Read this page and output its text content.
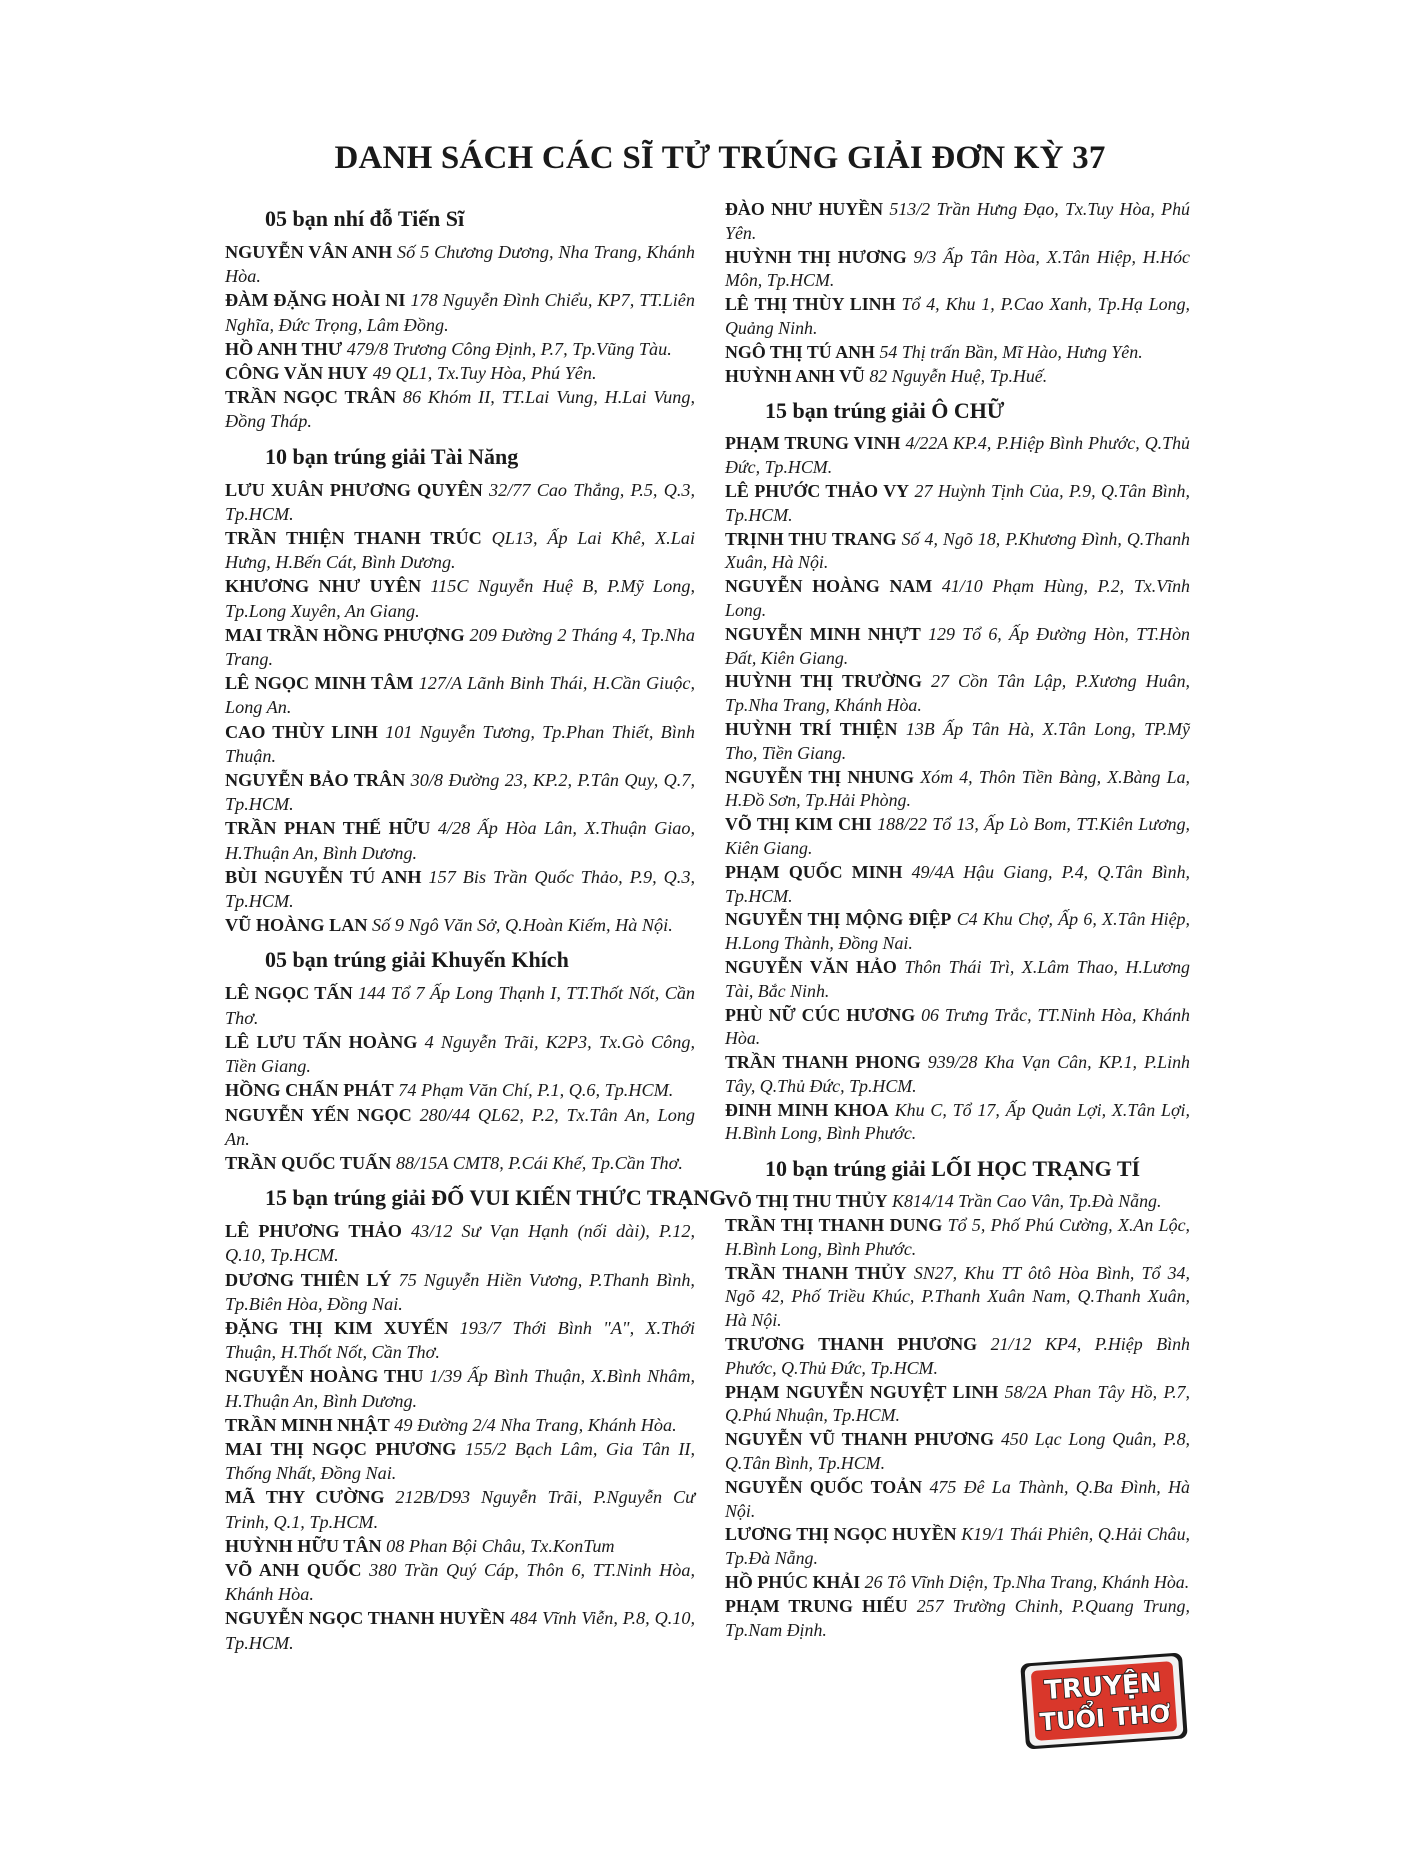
DANH SÁCH CÁC SĨ TỬ TRÚNG GIẢI ĐƠN KỲ 37
05 bạn nhí đỗ Tiến Sĩ
NGUYỄN VÂN ANH Số 5 Chương Dương, Nha Trang, Khánh Hòa.
ĐÀM ĐẶNG HOÀI NI 178 Nguyễn Đình Chiểu, KP7, TT.Liên Nghĩa, Đức Trọng, Lâm Đồng.
HỒ ANH THƯ 479/8 Trương Công Định, P.7, Tp.Vũng Tàu.
CÔNG VĂN HUY 49 QL1, Tx.Tuy Hòa, Phú Yên.
TRẦN NGỌC TRÂN 86 Khóm II, TT.Lai Vung, H.Lai Vung, Đồng Tháp.
10 bạn trúng giải Tài Năng
LƯU XUÂN PHƯƠNG QUYÊN 32/77 Cao Thắng, P.5, Q.3, Tp.HCM.
TRẦN THIỆN THANH TRÚC QL13, Ấp Lai Khê, X.Lai Hưng, H.Bến Cát, Bình Dương.
KHƯƠNG NHƯ UYÊN 115C Nguyễn Huệ B, P.Mỹ Long, Tp.Long Xuyên, An Giang.
MAI TRẦN HỒNG PHƯỢNG 209 Đường 2 Tháng 4, Tp.Nha Trang.
LÊ NGỌC MINH TÂM 127/A Lãnh Binh Thái, H.Cần Giuộc, Long An.
CAO THÙY LINH 101 Nguyễn Tương, Tp.Phan Thiết, Bình Thuận.
NGUYỄN BẢO TRÂN 30/8 Đường 23, KP.2, P.Tân Quy, Q.7, Tp.HCM.
TRẦN PHAN THẾ HỮU 4/28 Ấp Hòa Lân, X.Thuận Giao, H.Thuận An, Bình Dương.
BÙI NGUYỄN TÚ ANH 157 Bis Trần Quốc Thảo, P.9, Q.3, Tp.HCM.
VŨ HOÀNG LAN Số 9 Ngô Văn Sở, Q.Hoàn Kiếm, Hà Nội.
05 bạn trúng giải Khuyến Khích
LÊ NGỌC TẤN 144 Tổ 7 Ấp Long Thạnh I, TT.Thốt Nốt, Cần Thơ.
LÊ LƯU TẤN HOÀNG 4 Nguyễn Trãi, K2P3, Tx.Gò Công, Tiền Giang.
HỒNG CHẤN PHÁT 74 Phạm Văn Chí, P.1, Q.6, Tp.HCM.
NGUYỄN YẾN NGỌC 280/44 QL62, P.2, Tx.Tân An, Long An.
TRẦN QUỐC TUẤN 88/15A CMT8, P.Cái Khế, Tp.Cần Thơ.
15 bạn trúng giải ĐỐ VUI KIẾN THỨC TRẠNG
LÊ PHƯƠNG THẢO 43/12 Sư Vạn Hạnh (nối dài), P.12, Q.10, Tp.HCM.
DƯƠNG THIÊN LÝ 75 Nguyễn Hiền Vương, P.Thanh Bình, Tp.Biên Hòa, Đồng Nai.
ĐẶNG THỊ KIM XUYẾN 193/7 Thới Bình "A", X.Thới Thuận, H.Thốt Nốt, Cần Thơ.
NGUYỄN HOÀNG THU 1/39 Ấp Bình Thuận, X.Bình Nhâm, H.Thuận An, Bình Dương.
TRẦN MINH NHẬT 49 Đường 2/4 Nha Trang, Khánh Hòa.
MAI THỊ NGỌC PHƯƠNG 155/2 Bạch Lâm, Gia Tân II, Thống Nhất, Đồng Nai.
MÃ THY CƯỜNG 212B/D93 Nguyễn Trãi, P.Nguyễn Cư Trinh, Q.1, Tp.HCM.
HUỲNH HỮU TÂN 08 Phan Bội Châu, Tx.KonTum
VÕ ANH QUỐC 380 Trần Quý Cáp, Thôn 6, TT.Ninh Hòa, Khánh Hòa.
NGUYỄN NGỌC THANH HUYỀN 484 Vĩnh Viễn, P.8, Q.10, Tp.HCM.
ĐÀO NHƯ HUYỀN 513/2 Trần Hưng Đạo, Tx.Tuy Hòa, Phú Yên.
HUỲNH THỊ HƯƠNG 9/3 Ấp Tân Hòa, X.Tân Hiệp, H.Hóc Môn, Tp.HCM.
LÊ THỊ THÙY LINH Tổ 4, Khu 1, P.Cao Xanh, Tp.Hạ Long, Quảng Ninh.
NGÔ THỊ TÚ ANH 54 Thị trấn Bần, Mĩ Hào, Hưng Yên.
HUỲNH ANH VŨ 82 Nguyễn Huệ, Tp.Huế.
15 bạn trúng giải Ô CHỮ
PHẠM TRUNG VINH 4/22A KP.4, P.Hiệp Bình Phước, Q.Thủ Đức, Tp.HCM.
LÊ PHƯỚC THẢO VY 27 Huỳnh Tịnh Của, P.9, Q.Tân Bình, Tp.HCM.
TRỊNH THU TRANG Số 4, Ngõ 18, P.Khương Đình, Q.Thanh Xuân, Hà Nội.
NGUYỄN HOÀNG NAM 41/10 Phạm Hùng, P.2, Tx.Vĩnh Long.
NGUYỄN MINH NHỰT 129 Tổ 6, Ấp Đường Hòn, TT.Hòn Đất, Kiên Giang.
HUỲNH THỊ TRƯỜNG 27 Cồn Tân Lập, P.Xương Huân, Tp.Nha Trang, Khánh Hòa.
HUỲNH TRÍ THIỆN 13B Ấp Tân Hà, X.Tân Long, TP.Mỹ Tho, Tiền Giang.
NGUYỄN THỊ NHUNG Xóm 4, Thôn Tiền Bàng, X.Bàng La, H.Đồ Sơn, Tp.Hải Phòng.
VÕ THỊ KIM CHI 188/22 Tổ 13, Ấp Lò Bom, TT.Kiên Lương, Kiên Giang.
PHẠM QUỐC MINH 49/4A Hậu Giang, P.4, Q.Tân Bình, Tp.HCM.
NGUYỄN THỊ MỘNG ĐIỆP C4 Khu Chợ, Ấp 6, X.Tân Hiệp, H.Long Thành, Đồng Nai.
NGUYỄN VĂN HẢO Thôn Thái Trì, X.Lâm Thao, H.Lương Tài, Bắc Ninh.
PHÙ NỮ CÚC HƯƠNG 06 Trưng Trắc, TT.Ninh Hòa, Khánh Hòa.
TRẦN THANH PHONG 939/28 Kha Vạn Cân, KP.1, P.Linh Tây, Q.Thủ Đức, Tp.HCM.
ĐINH MINH KHOA Khu C, Tổ 17, Ấp Quản Lợi, X.Tân Lợi, H.Bình Long, Bình Phước.
10 bạn trúng giải LỐI HỌC TRẠNG TÍ
VÕ THỊ THU THỦY K814/14 Trần Cao Vân, Tp.Đà Nẵng.
TRẦN THỊ THANH DUNG Tổ 5, Phố Phú Cường, X.An Lộc, H.Bình Long, Bình Phước.
TRẦN THANH THỦY SN27, Khu TT ôtô Hòa Bình, Tổ 34, Ngõ 42, Phố Triều Khúc, P.Thanh Xuân Nam, Q.Thanh Xuân, Hà Nội.
TRƯƠNG THANH PHƯƠNG 21/12 KP4, P.Hiệp Bình Phước, Q.Thủ Đức, Tp.HCM.
PHẠM NGUYỄN NGUYỆT LINH 58/2A Phan Tây Hồ, P.7, Q.Phú Nhuận, Tp.HCM.
NGUYỄN VŨ THANH PHƯƠNG 450 Lạc Long Quân, P.8, Q.Tân Bình, Tp.HCM.
NGUYỄN QUỐC TOẢN 475 Đê La Thành, Q.Ba Đình, Hà Nội.
LƯƠNG THỊ NGỌC HUYỀN K19/1 Thái Phiên, Q.Hải Châu, Tp.Đà Nẵng.
HỒ PHÚC KHẢI 26 Tô Vĩnh Diện, Tp.Nha Trang, Khánh Hòa.
PHẠM TRUNG HIẾU 257 Trường Chinh, P.Quang Trung, Tp.Nam Định.
TRUYỆN
TUỔI THƠ
